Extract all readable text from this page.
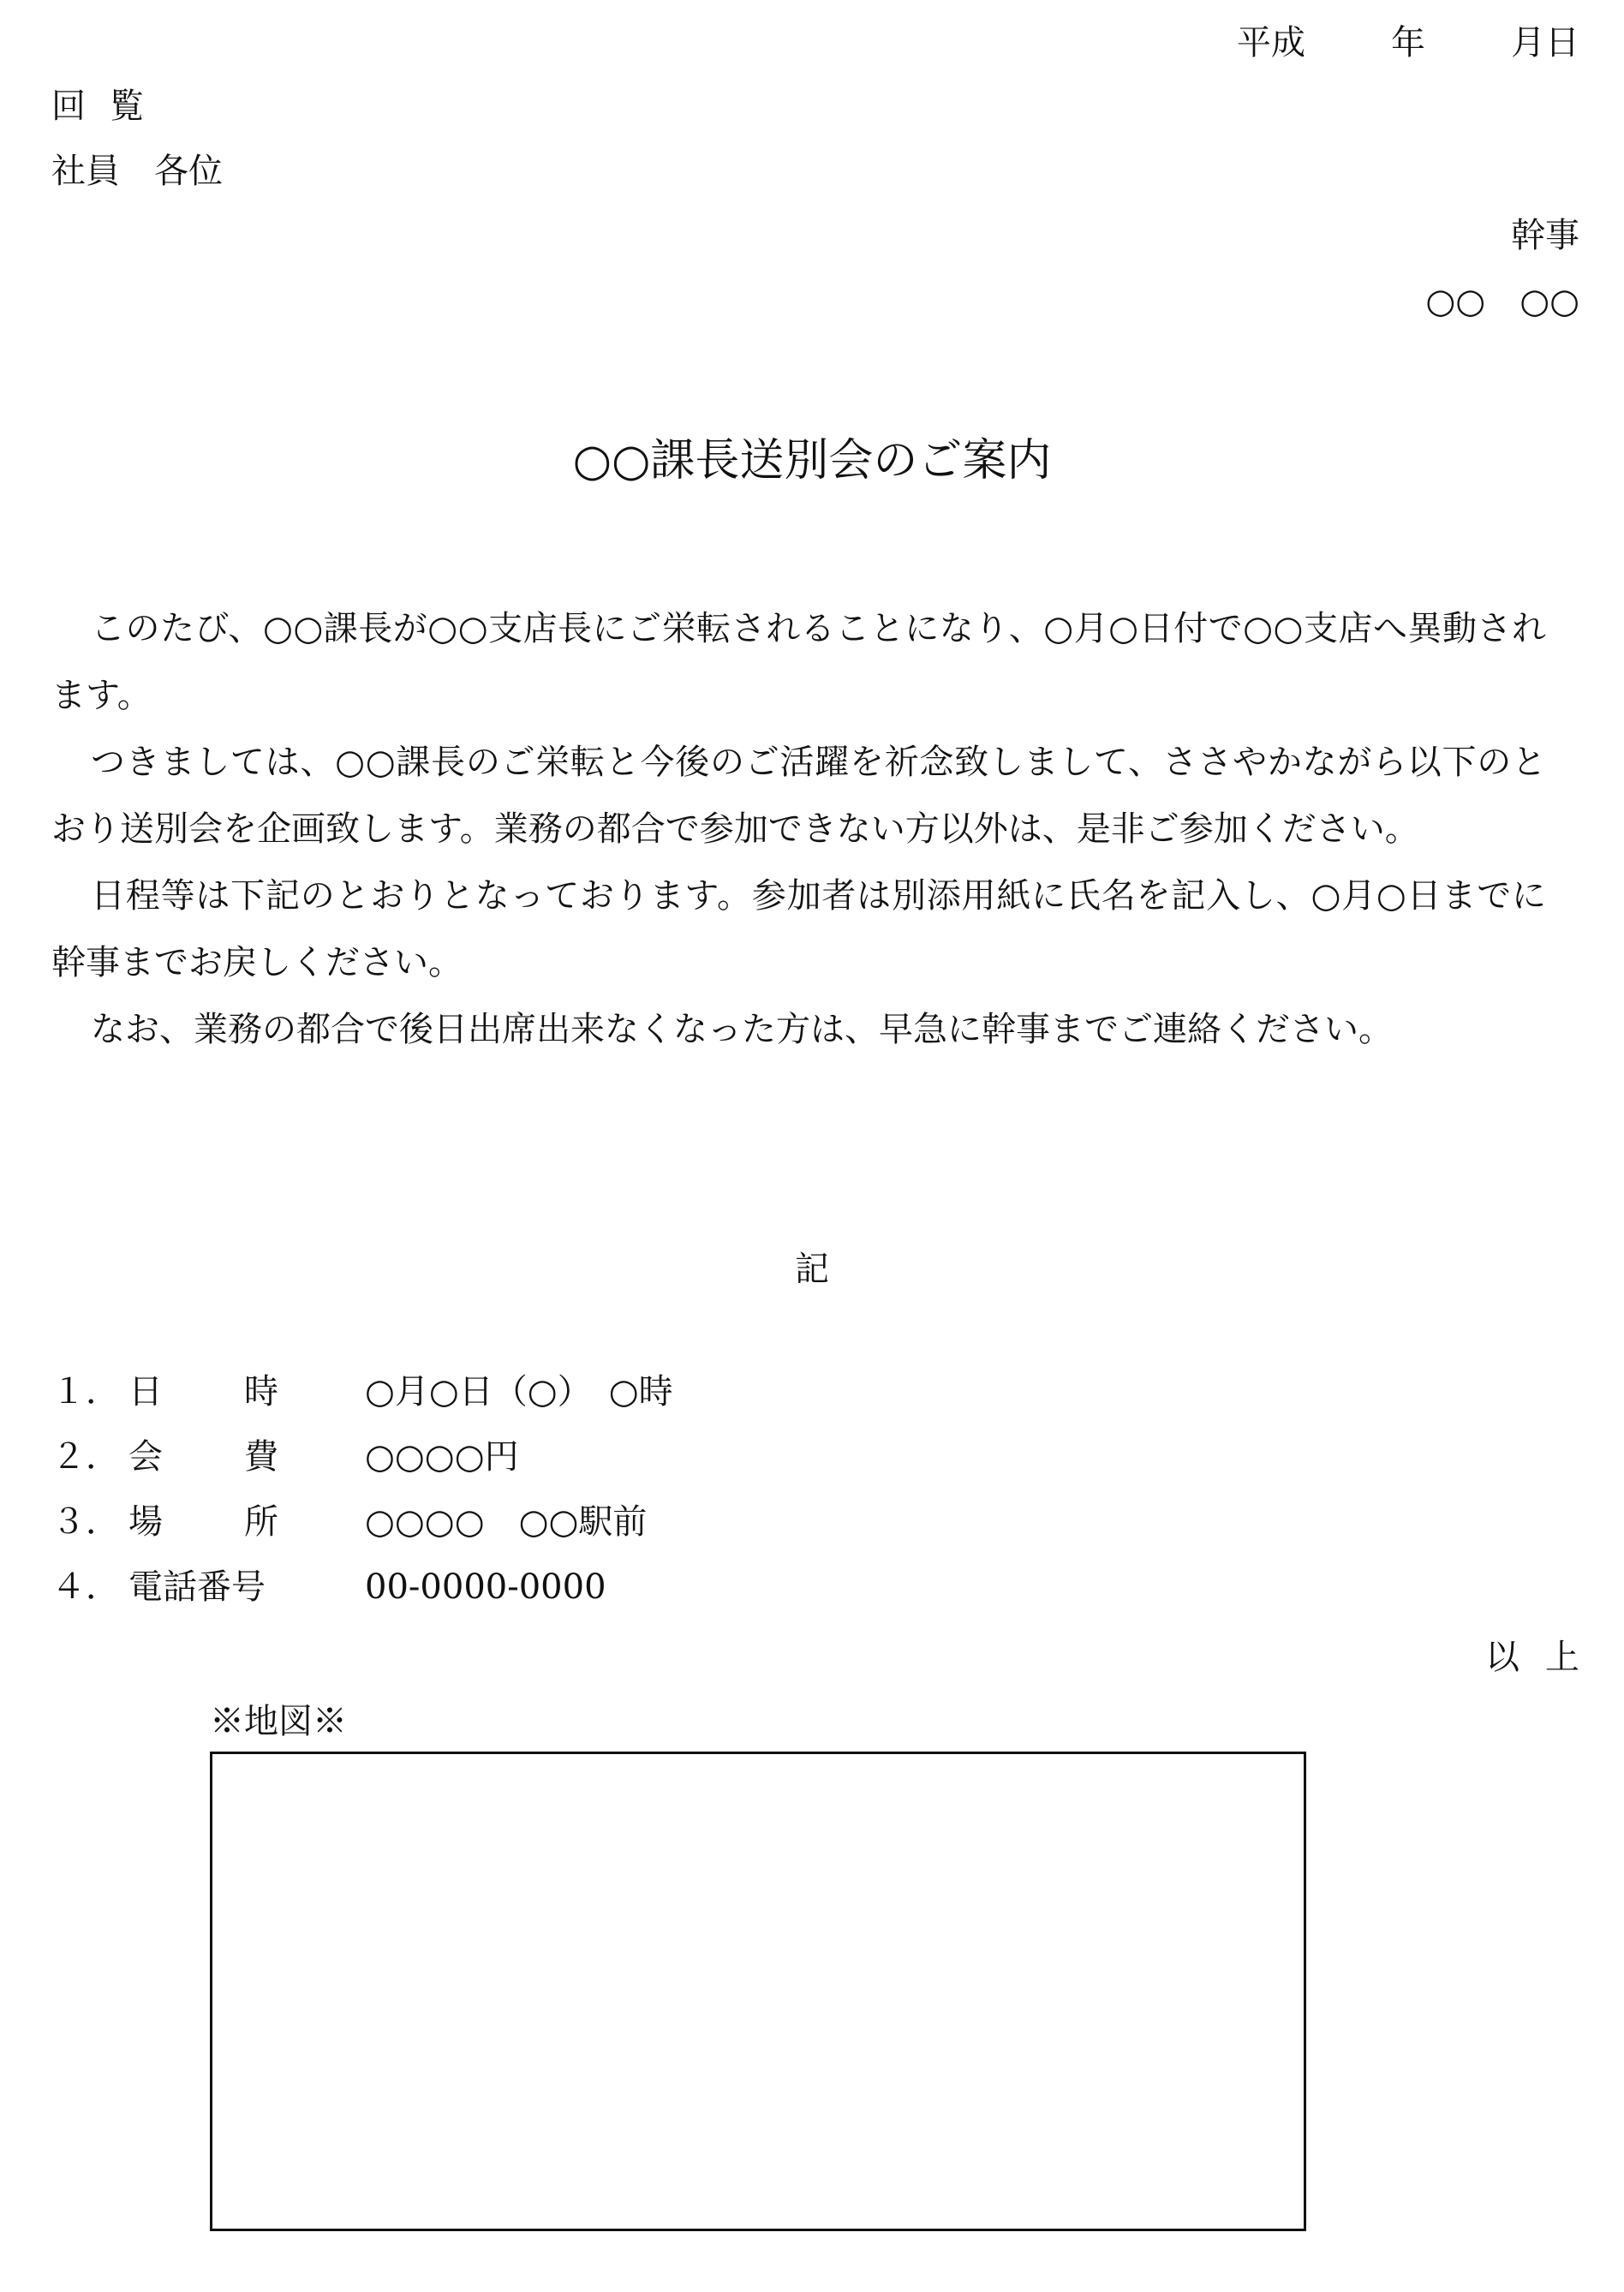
平成	年	月 日
回覧
社員　各位
幹事
○○　○○
○○課長送別会のご案内

このたび、○○課長が○○支店長にご栄転されることになり、○月○日付で○○支店へ異動されます。

つきましては、○○課長のご栄転と今後のご活躍を祈念致しまして、ささやかながら以下のとおり送別会を企画致します。業務の都合で参加できない方以外は、是非ご参加ください。

日程等は下記のとおりとなっております。参加者は別添用紙に氏名を記入し、○月○日までに幹事までお戻しください。

なお、業務の都合で後日出席出来なくなった方は、早急に幹事までご連絡ください。

記
１． 日 時	○月○日（○）　○時
２． 会 費	○○○○円
３． 場 所	○○○○　○○駅前
４． 電話番号	00-0000-0000
以上
※地図※
